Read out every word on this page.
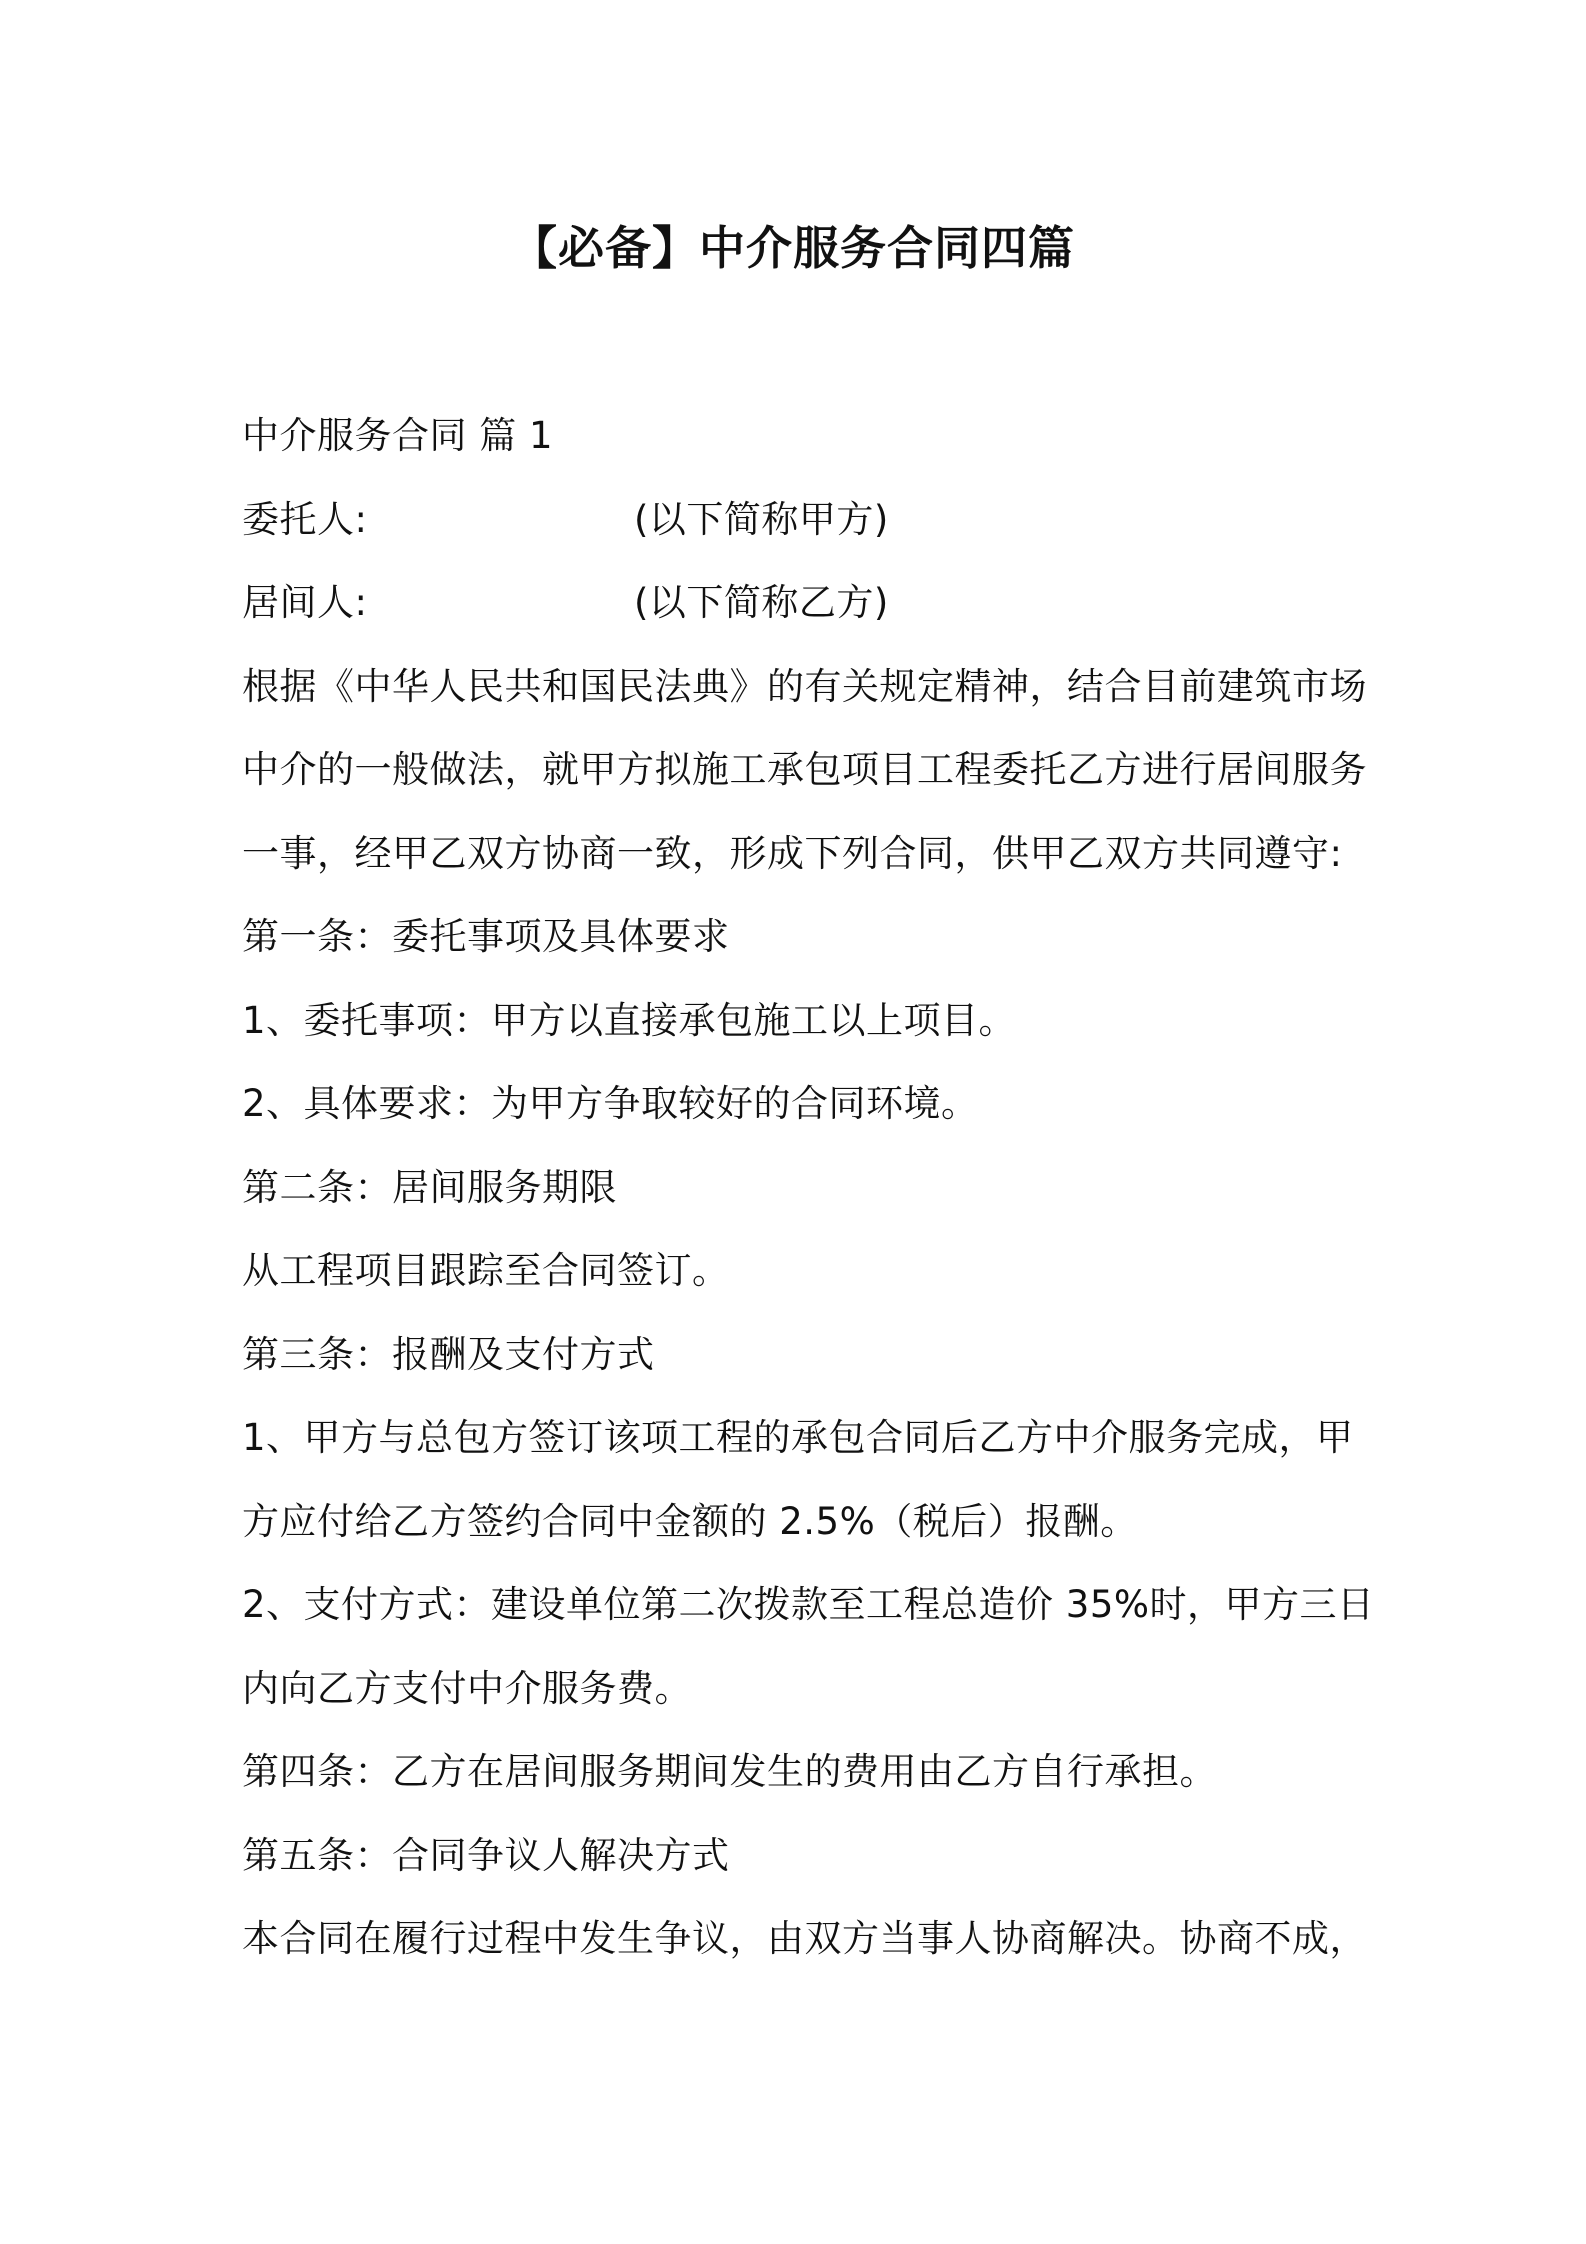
【必备】中介服务合同四篇
中介服务合同 篇 1
委托人:	(以下简称甲方)
居间人:	(以下简称乙方)
根据《中华人民共和国民法典》的有关规定精神，结合目前建筑市场
中介的一般做法，就甲方拟施工承包项目工程委托乙方进行居间服务
一事，经甲乙双方协商一致，形成下列合同，供甲乙双方共同遵守:
第一条：委托事项及具体要求
1、委托事项：甲方以直接承包施工以上项目。
2、具体要求：为甲方争取较好的合同环境。
第二条：居间服务期限
从工程项目跟踪至合同签订。
第三条：报酬及支付方式
1、甲方与总包方签订该项工程的承包合同后乙方中介服务完成，甲
方应付给乙方签约合同中金额的 2.5%（税后）报酬。
2、支付方式：建设单位第二次拨款至工程总造价 35%时，甲方三日
内向乙方支付中介服务费。
第四条：乙方在居间服务期间发生的费用由乙方自行承担。
第五条：合同争议人解决方式
本合同在履行过程中发生争议，由双方当事人协商解决。协商不成，
